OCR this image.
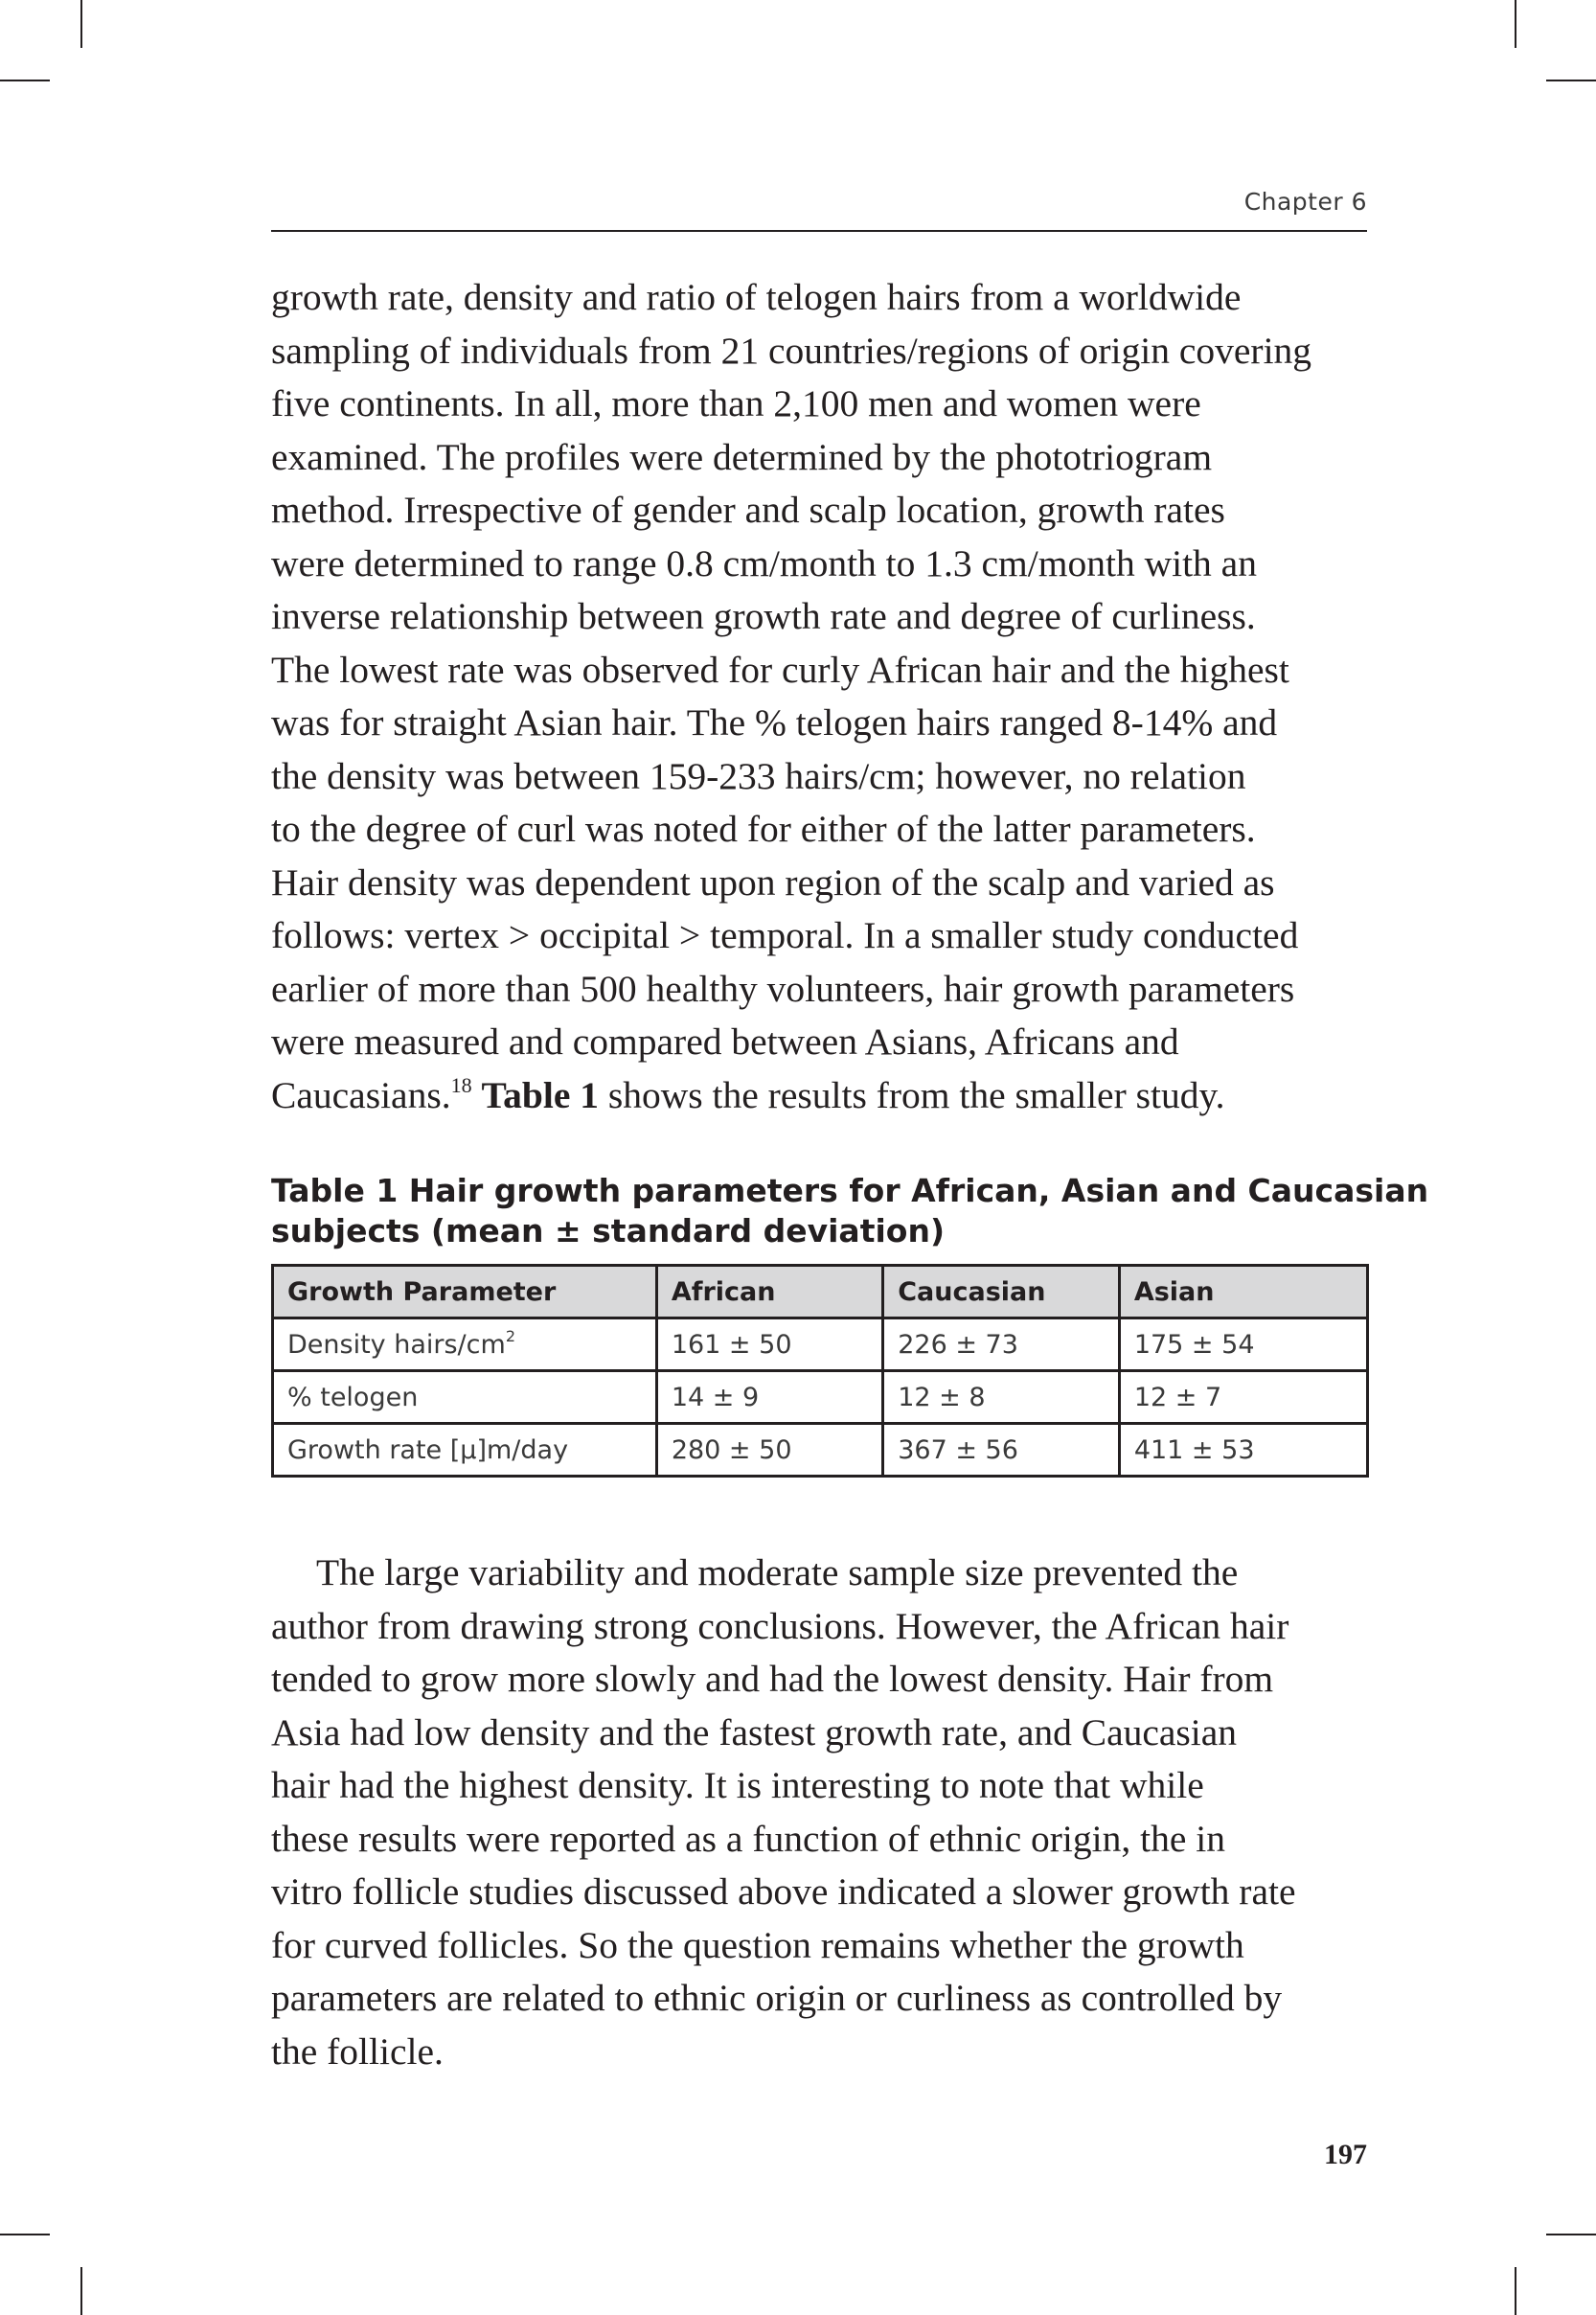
Chapter 6
growth rate, density and ratio of telogen hairs from a worldwide
sampling of individuals from 21 countries/regions of origin covering
five continents. In all, more than 2,100 men and women were
examined. The profiles were determined by the phototriogram
method. Irrespective of gender and scalp location, growth rates
were determined to range 0.8 cm/month to 1.3 cm/month with an
inverse relationship between growth rate and degree of curliness.
The lowest rate was observed for curly African hair and the highest
was for straight Asian hair. The % telogen hairs ranged 8-14% and
the density was between 159-233 hairs/cm; however, no relation
to the degree of curl was noted for either of the latter parameters.
Hair density was dependent upon region of the scalp and varied as
follows: vertex > occipital > temporal. In a smaller study conducted
earlier of more than 500 healthy volunteers, hair growth parameters
were measured and compared between Asians, Africans and
Caucasians.$^{18}$ Table 1 shows the results from the smaller study.
Table 1 Hair growth parameters for African, Asian and Caucasian
subjects (mean ± standard deviation)
Growth Parameter	African	Caucasian	Asian
Density hairs/$cm^2$	161 ± 50	226 ± 73	175 ± 54
% telogen	14 ± 9	12 ± 8	12 ± 7
Growth rate [µ]m/day	280 ± 50	367 ± 56	411 ± 53
The large variability and moderate sample size prevented the
author from drawing strong conclusions. However, the African hair
tended to grow more slowly and had the lowest density. Hair from
Asia had low density and the fastest growth rate, and Caucasian
hair had the highest density. It is interesting to note that while
these results were reported as a function of ethnic origin, the in
vitro follicle studies discussed above indicated a slower growth rate
for curved follicles. So the question remains whether the growth
parameters are related to ethnic origin or curliness as controlled by
the follicle.
197
